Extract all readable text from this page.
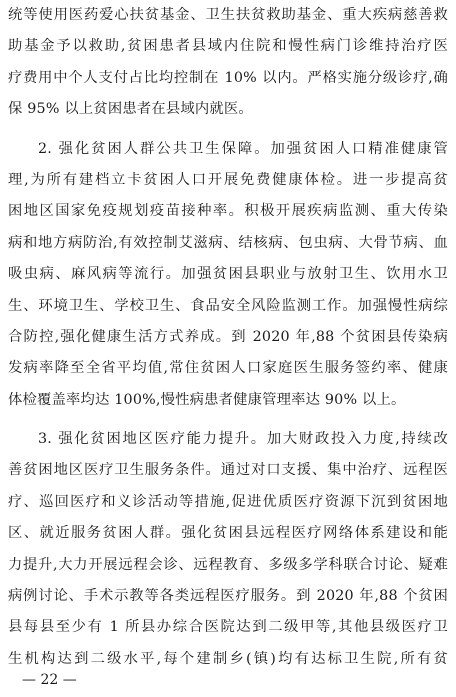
统等使用医药爱心扶贫基金、卫生扶贫救助基金、重大疾病慈善救
助基金予以救助,贫困患者县域内住院和慢性病门诊维持治疗医
疗费用中个人支付占比均控制在 10% 以内。严格实施分级诊疗,确
保 95% 以上贫困患者在县域内就医。
2. 强化贫困人群公共卫生保障。加强贫困人口精准健康管
理,为所有建档立卡贫困人口开展免费健康体检。进一步提高贫
困地区国家免疫规划疫苗接种率。积极开展疾病监测、重大传染
病和地方病防治,有效控制艾滋病、结核病、包虫病、大骨节病、血
吸虫病、麻风病等流行。加强贫困县职业与放射卫生、饮用水卫
生、环境卫生、学校卫生、食品安全风险监测工作。加强慢性病综
合防控,强化健康生活方式养成。到 2020 年,88 个贫困县传染病
发病率降至全省平均值,常住贫困人口家庭医生服务签约率、健康
体检覆盖率均达 100%,慢性病患者健康管理率达 90% 以上。
3. 强化贫困地区医疗能力提升。加大财政投入力度,持续改
善贫困地区医疗卫生服务条件。通过对口支援、集中治疗、远程医
疗、巡回医疗和义诊活动等措施,促进优质医疗资源下沉到贫困地
区、就近服务贫困人群。强化贫困县远程医疗网络体系建设和能
力提升,大力开展远程会诊、远程教育、多级多学科联合讨论、疑难
病例讨论、手术示教等各类远程医疗服务。到 2020 年,88 个贫困
县每县至少有 1 所县办综合医院达到二级甲等,其他县级医疗卫
生机构达到二级水平,每个建制乡(镇)均有达标卫生院,所有贫
— 22 —
